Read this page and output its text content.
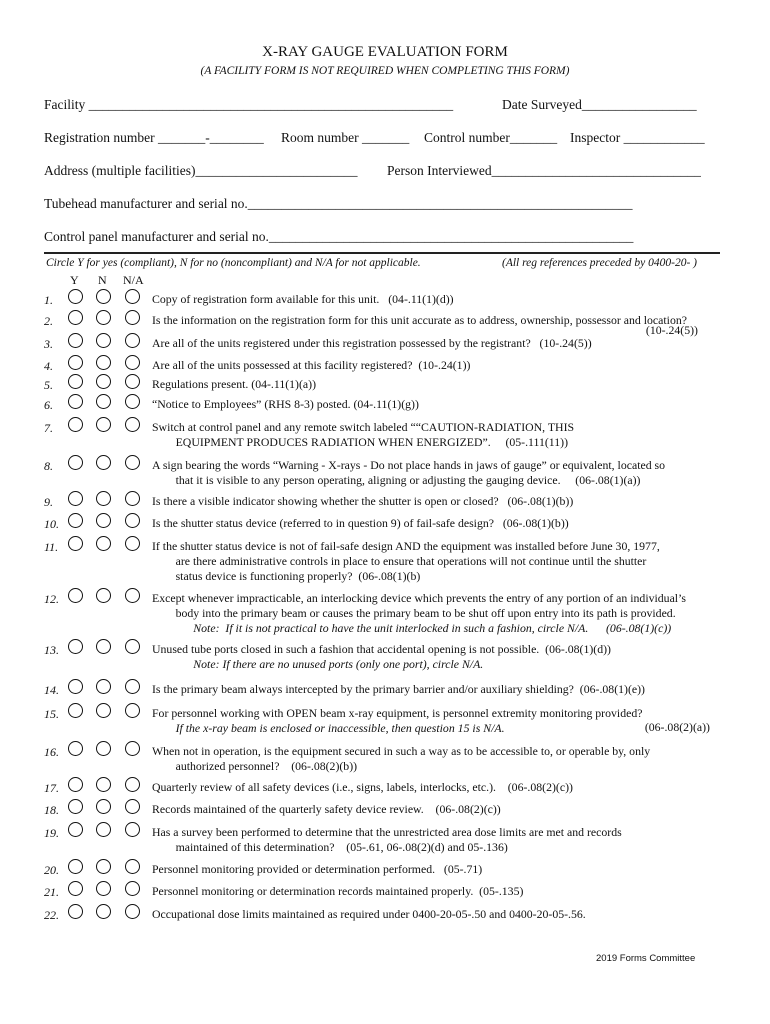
X-RAY GAUGE EVALUATION FORM
(A FACILITY FORM IS NOT REQUIRED WHEN COMPLETING THIS FORM)
Facility ______________________________________________________	Date Surveyed_________________
Registration number _______-________ Room number _______ Control number_______ Inspector ____________
Address (multiple facilities)________________________ Person Interviewed_______________________________
Tubehead manufacturer and serial no._________________________________________________________
Control panel manufacturer and serial no.______________________________________________________
Circle Y for yes (compliant), N for no (noncompliant) and N/A for not applicable.	(All reg references preceded by 0400-20- )
Y N N/A
1.	Copy of registration form available for this unit.   (04-.11(1)(d))
2.	Is the information on the registration form for this unit accurate as to address, ownership, possessor and location?
(10-.24(5))
3.	Are all of the units registered under this registration possessed by the registrant?   (10-.24(5))
4.	Are all of the units possessed at this facility registered?  (10-.24(1))
5.	Regulations present. (04-.11(1)(a))
6.	“Notice to Employees” (RHS 8-3) posted. (04-.11(1)(g))
7.	Switch at control panel and any remote switch labeled ““CAUTION-RADIATION, THIS
EQUIPMENT PRODUCES RADIATION WHEN ENERGIZED”.     (05-.111(11))
8.	A sign bearing the words “Warning - X-rays - Do not place hands in jaws of gauge” or equivalent, located so
that it is visible to any person operating, aligning or adjusting the gauging device.     (06-.08(1)(a))
9.	Is there a visible indicator showing whether the shutter is open or closed?   (06-.08(1)(b))
10.	Is the shutter status device (referred to in question 9) of fail-safe design?   (06-.08(1)(b))
11.	If the shutter status device is not of fail-safe design AND the equipment was installed before June 30, 1977,
are there administrative controls in place to ensure that operations will not continue until the shutter
status device is functioning properly?  (06-.08(1)(b)
12.	Except whenever impracticable, an interlocking device which prevents the entry of any portion of an individual’s
body into the primary beam or causes the primary beam to be shut off upon entry into its path is provided.
Note:  If it is not practical to have the unit interlocked in such a fashion, circle N/A.      (06-.08(1)(c))
13.	Unused tube ports closed in such a fashion that accidental opening is not possible.  (06-.08(1)(d))
Note: If there are no unused ports (only one port), circle N/A.
14.	Is the primary beam always intercepted by the primary barrier and/or auxiliary shielding?  (06-.08(1)(e))
15.	For personnel working with OPEN beam x-ray equipment, is personnel extremity monitoring provided?
If the x-ray beam is enclosed or inaccessible, then question 15 is N/A.	(06-.08(2)(a))
16.	When not in operation, is the equipment secured in such a way as to be accessible to, or operable by, only
authorized personnel?    (06-.08(2)(b))
17.	Quarterly review of all safety devices (i.e., signs, labels, interlocks, etc.).    (06-.08(2)(c))
18.	Records maintained of the quarterly safety device review.    (06-.08(2)(c))
19.	Has a survey been performed to determine that the unrestricted area dose limits are met and records
maintained of this determination?    (05-.61, 06-.08(2)(d) and 05-.136)
20.	Personnel monitoring provided or determination performed.   (05-.71)
21.	Personnel monitoring or determination records maintained properly.  (05-.135)
22.	Occupational dose limits maintained as required under 0400-20-05-.50 and 0400-20-05-.56.
2019 Forms Committee
